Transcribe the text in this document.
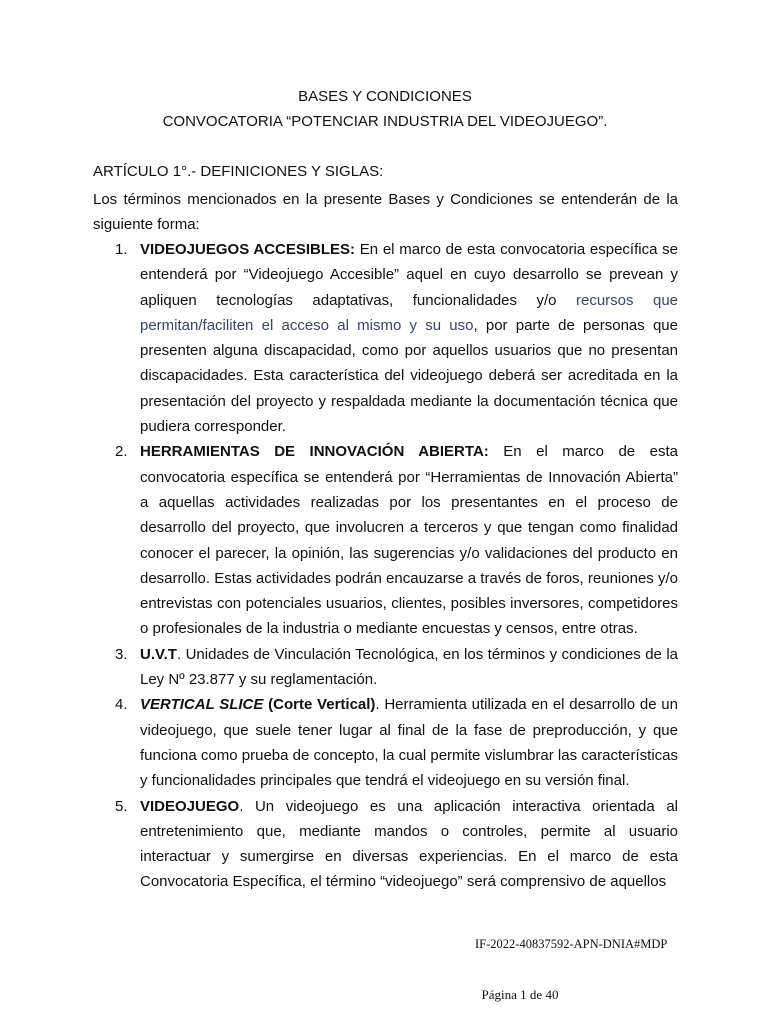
BASES Y CONDICIONES
CONVOCATORIA “POTENCIAR INDUSTRIA DEL VIDEOJUEGO”.
ARTÍCULO 1°.- DEFINICIONES Y SIGLAS:
Los términos mencionados en la presente Bases y Condiciones se entenderán de la siguiente forma:
1. VIDEOJUEGOS ACCESIBLES: En el marco de esta convocatoria específica se entenderá por “Videojuego Accesible” aquel en cuyo desarrollo se prevean y apliquen tecnologías adaptativas, funcionalidades y/o recursos que permitan/faciliten el acceso al mismo y su uso, por parte de personas que presenten alguna discapacidad, como por aquellos usuarios que no presentan discapacidades. Esta característica del videojuego deberá ser acreditada en la presentación del proyecto y respaldada mediante la documentación técnica que pudiera corresponder.
2. HERRAMIENTAS DE INNOVACIÓN ABIERTA: En el marco de esta convocatoria específica se entenderá por “Herramientas de Innovación Abierta” a aquellas actividades realizadas por los presentantes en el proceso de desarrollo del proyecto, que involucren a terceros y que tengan como finalidad conocer el parecer, la opinión, las sugerencias y/o validaciones del producto en desarrollo. Estas actividades podrán encauzarse a través de foros, reuniones y/o entrevistas con potenciales usuarios, clientes, posibles inversores, competidores o profesionales de la industria o mediante encuestas y censos, entre otras.
3. U.V.T. Unidades de Vinculación Tecnológica, en los términos y condiciones de la Ley Nº 23.877 y su reglamentación.
4. VERTICAL SLICE (Corte Vertical). Herramienta utilizada en el desarrollo de un videojuego, que suele tener lugar al final de la fase de preproducción, y que funciona como prueba de concepto, la cual permite vislumbrar las características y funcionalidades principales que tendrá el videojuego en su versión final.
5. VIDEOJUEGO. Un videojuego es una aplicación interactiva orientada al entretenimiento que, mediante mandos o controles, permite al usuario interactuar y sumergirse en diversas experiencias. En el marco de esta Convocatoria Específica, el término “videojuego” será comprensivo de aquellos
IF-2022-40837592-APN-DNIA#MDP
Página 1 de 40
